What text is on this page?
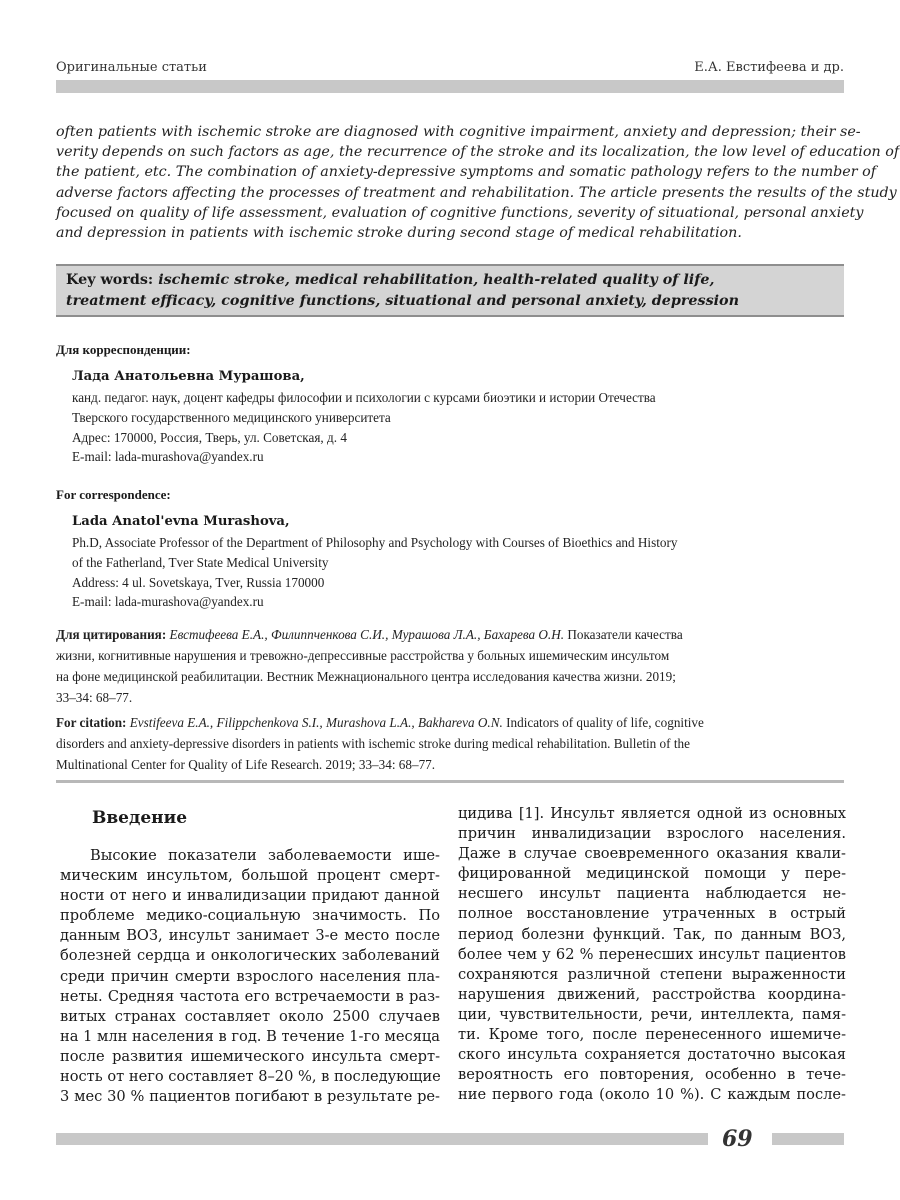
Оригинальные статьи	Е.А. Евстифеева и др.
often patients with ischemic stroke are diagnosed with cognitive impairment, anxiety and depression; their se-
verity depends on such factors as age, the recurrence of the stroke and its localization, the low level of education of
the patient, etc. The combination of anxiety-depressive symptoms and somatic pathology refers to the number of
adverse factors affecting the processes of treatment and rehabilitation. The article presents the results of the study
focused on quality of life assessment, evaluation of cognitive functions, severity of situational, personal anxiety
and depression in patients with ischemic stroke during second stage of medical rehabilitation.
Key words: ischemic stroke, medical rehabilitation, health-related quality of life,
treatment efficacy, cognitive functions, situational and personal anxiety, depression
Для корреспонденции:
Лада Анатольевна Мурашова,
канд. педагог. наук, доцент кафедры философии и психологии с курсами биоэтики и истории Отечества
Тверского государственного медицинского университета
Адрес: 170000, Россия, Тверь, ул. Советская, д. 4
E-mail: lada-murashova@yandex.ru
For correspondence:
Lada Anatol'evna Murashova,
Ph.D, Associate Professor of the Department of Philosophy and Psychology with Courses of Bioethics and History
of the Fatherland, Tver State Medical University
Address: 4 ul. Sovetskaya, Tver, Russia 170000
E-mail: lada-murashova@yandex.ru
Для цитирования: Евстифеева Е.А., Филиппченкова С.И., Мурашова Л.А., Бахарева О.Н. Показатели качества
жизни, когнитивные нарушения и тревожно-депрессивные расстройства у больных ишемическим инсультом
на фоне медицинской реабилитации. Вестник Межнационального центра исследования качества жизни. 2019;
33–34: 68–77.
For citation: Evstifeeva E.A., Filippchenkova S.I., Murashova L.A., Bakhareva O.N. Indicators of quality of life, cognitive
disorders and anxiety-depressive disorders in patients with ischemic stroke during medical rehabilitation. Bulletin of the
Multinational Center for Quality of Life Research. 2019; 33–34: 68–77.
Введение
Высокие показатели заболеваемости ише-
мическим инсультом, большой процент смерт-
ности от него и инвалидизации придают данной
проблеме медико-социальную значимость. По
данным ВОЗ, инсульт занимает 3-е место после
болезней сердца и онкологических заболеваний
среди причин смерти взрослого населения пла-
неты. Средняя частота его встречаемости в раз-
витых странах составляет около 2500 случаев
на 1 млн населения в год. В течение 1-го месяца
после развития ишемического инсульта смерт-
ность от него составляет 8–20 %, в последующие
3 мес 30 % пациентов погибают в результате ре-
цидива [1]. Инсульт является одной из основных
причин инвалидизации взрослого населения.
Даже в случае своевременного оказания квали-
фицированной медицинской помощи у пере-
несшего инсульт пациента наблюдается не-
полное восстановление утраченных в острый
период болезни функций. Так, по данным ВОЗ,
более чем у 62 % перенесших инсульт пациентов
сохраняются различной степени выраженности
нарушения движений, расстройства координа-
ции, чувствительности, речи, интеллекта, памя-
ти. Кроме того, после перенесенного ишемиче-
ского инсульта сохраняется достаточно высокая
вероятность его повторения, особенно в тече-
ние первого года (около 10 %). С каждым после-
69
